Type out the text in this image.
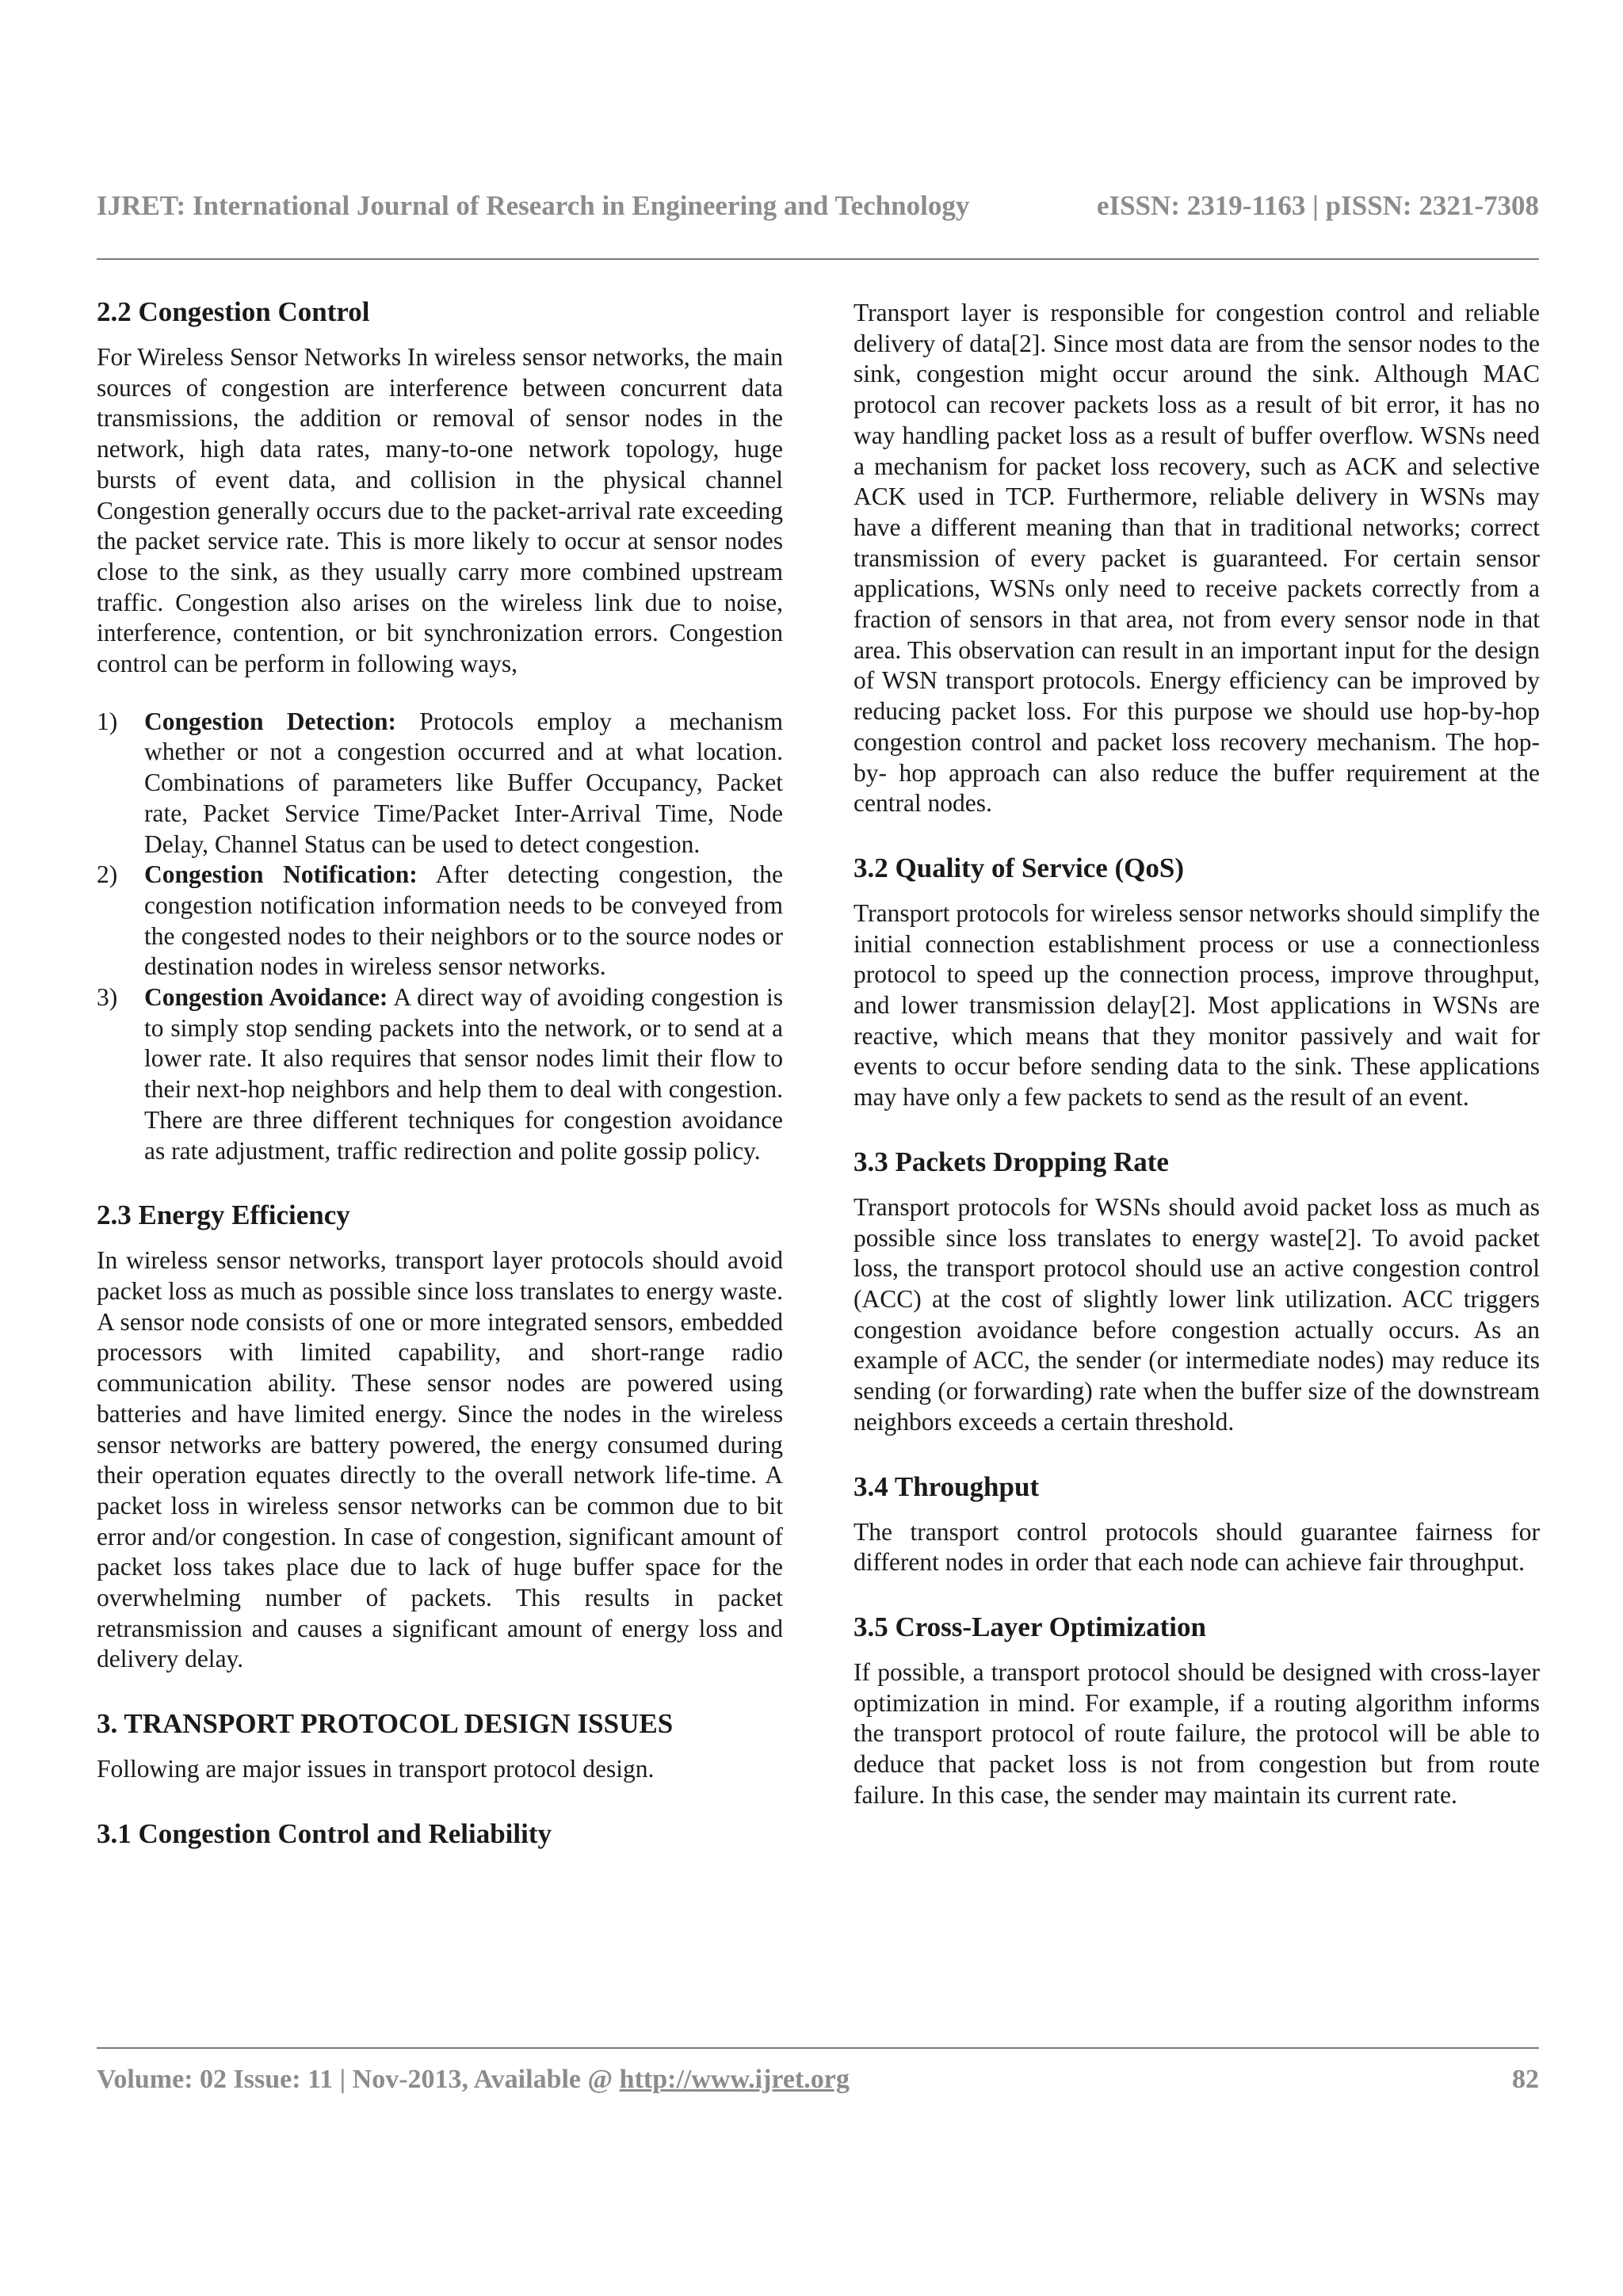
IJRET: International Journal of Research in Engineering and Technology	eISSN: 2319-1163 | pISSN: 2321-7308
2.2 Congestion Control

For Wireless Sensor Networks In wireless sensor networks, the main sources of congestion are interference between concurrent data transmissions, the addition or removal of sensor nodes in the network, high data rates, many-to-one network topology, huge bursts of event data, and collision in the physical channel Congestion generally occurs due to the packet-arrival rate exceeding the packet service rate. This is more likely to occur at sensor nodes close to the sink, as they usually carry more combined upstream traffic. Congestion also arises on the wireless link due to noise, interference, contention, or bit synchronization errors. Congestion control can be perform in following ways,

1)	Congestion Detection: Protocols employ a mechanism whether or not a congestion occurred and at what location. Combinations of parameters like Buffer Occupancy, Packet rate, Packet Service Time/Packet Inter-Arrival Time, Node Delay, Channel Status can be used to detect congestion.
2)	Congestion Notification: After detecting congestion, the congestion notification information needs to be conveyed from the congested nodes to their neighbors or to the source nodes or destination nodes in wireless sensor networks.
3)	Congestion Avoidance: A direct way of avoiding congestion is to simply stop sending packets into the network, or to send at a lower rate. It also requires that sensor nodes limit their flow to their next-hop neighbors and help them to deal with congestion. There are three different techniques for congestion avoidance as rate adjustment, traffic redirection and polite gossip policy.
2.3 Energy Efficiency

In wireless sensor networks, transport layer protocols should avoid packet loss as much as possible since loss translates to energy waste. A sensor node consists of one or more integrated sensors, embedded processors with limited capability, and short-range radio communication ability. These sensor nodes are powered using batteries and have limited energy. Since the nodes in the wireless sensor networks are battery powered, the energy consumed during their operation equates directly to the overall network life-time. A packet loss in wireless sensor networks can be common due to bit error and/or congestion. In case of congestion, significant amount of packet loss takes place due to lack of huge buffer space for the overwhelming number of packets. This results in packet retransmission and causes a significant amount of energy loss and delivery delay.

3. TRANSPORT PROTOCOL DESIGN ISSUES

Following are major issues in transport protocol design.

3.1 Congestion Control and Reliability

Transport layer is responsible for congestion control and reliable delivery of data[2]. Since most data are from the sensor nodes to the sink, congestion might occur around the sink. Although MAC protocol can recover packets loss as a result of bit error, it has no way handling packet loss as a result of buffer overflow. WSNs need a mechanism for packet loss recovery, such as ACK and selective ACK used in TCP. Furthermore, reliable delivery in WSNs may have a different meaning than that in traditional networks; correct transmission of every packet is guaranteed. For certain sensor applications, WSNs only need to receive packets correctly from a fraction of sensors in that area, not from every sensor node in that area. This observation can result in an important input for the design of WSN transport protocols. Energy efficiency can be improved by reducing packet loss. For this purpose we should use hop-by-hop congestion control and packet loss recovery mechanism. The hop-by- hop approach can also reduce the buffer requirement at the central nodes.

3.2 Quality of Service (QoS)

Transport protocols for wireless sensor networks should simplify the initial connection establishment process or use a connectionless protocol to speed up the connection process, improve throughput, and lower transmission delay[2]. Most applications in WSNs are reactive, which means that they monitor passively and wait for events to occur before sending data to the sink. These applications may have only a few packets to send as the result of an event.

3.3 Packets Dropping Rate

Transport protocols for WSNs should avoid packet loss as much as possible since loss translates to energy waste[2]. To avoid packet loss, the transport protocol should use an active congestion control (ACC) at the cost of slightly lower link utilization. ACC triggers congestion avoidance before congestion actually occurs. As an example of ACC, the sender (or intermediate nodes) may reduce its sending (or forwarding) rate when the buffer size of the downstream neighbors exceeds a certain threshold.

3.4 Throughput

The transport control protocols should guarantee fairness for different nodes in order that each node can achieve fair throughput.

3.5 Cross-Layer Optimization

If possible, a transport protocol should be designed with cross-layer optimization in mind. For example, if a routing algorithm informs the transport protocol of route failure, the protocol will be able to deduce that packet loss is not from congestion but from route failure. In this case, the sender may maintain its current rate.

Volume: 02 Issue: 11 | Nov-2013, Available @ http://www.ijret.org	82
